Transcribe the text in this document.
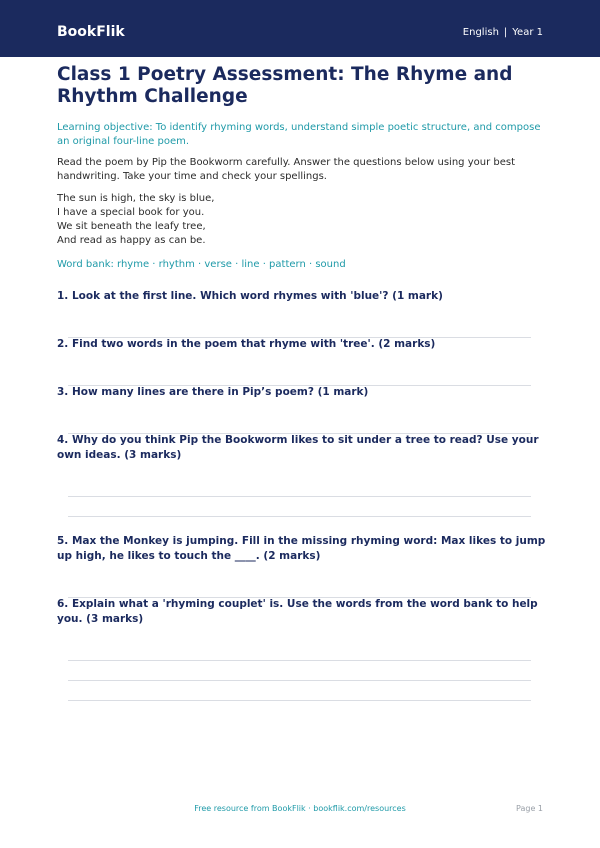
BookFlik	English | Year 1
Class 1 Poetry Assessment: The Rhyme and Rhythm Challenge
Learning objective: To identify rhyming words, understand simple poetic structure, and compose an original four-line poem.
Read the poem by Pip the Bookworm carefully. Answer the questions below using your best handwriting. Take your time and check your spellings.
The sun is high, the sky is blue,
I have a special book for you.
We sit beneath the leafy tree,
And read as happy as can be.
Word bank: rhyme · rhythm · verse · line · pattern · sound
1. Look at the first line. Which word rhymes with 'blue'? (1 mark)
2. Find two words in the poem that rhyme with 'tree'. (2 marks)
3. How many lines are there in Pip’s poem? (1 mark)
4. Why do you think Pip the Bookworm likes to sit under a tree to read? Use your own ideas. (3 marks)
5. Max the Monkey is jumping. Fill in the missing rhyming word: Max likes to jump up high, he likes to touch the ____. (2 marks)
6. Explain what a 'rhyming couplet' is. Use the words from the word bank to help you. (3 marks)
Free resource from BookFlik · bookflik.com/resources	Page 1
